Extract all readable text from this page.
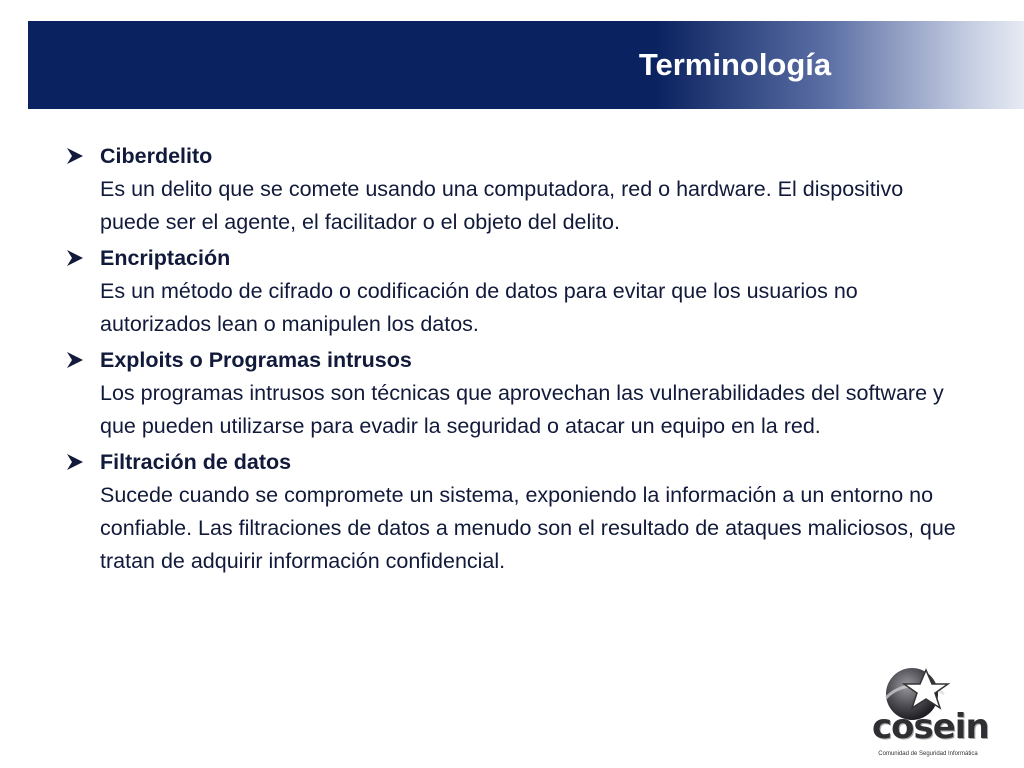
Terminología
Ciberdelito
Es un delito que se comete usando una computadora, red o hardware. El dispositivo puede ser el agente, el facilitador o el objeto del delito.
Encriptación
Es un método de cifrado o codificación de datos para evitar que los usuarios no autorizados lean o manipulen los datos.
Exploits o Programas intrusos
Los programas intrusos son técnicas que aprovechan las vulnerabilidades del software y que pueden utilizarse para evadir la seguridad o atacar un equipo en la red.
Filtración de datos
Sucede cuando se compromete un sistema, exponiendo la información a un entorno no confiable. Las filtraciones de datos a menudo son el resultado de ataques maliciosos, que tratan de adquirir información confidencial.
cosein
Comunidad de Seguridad Informática
